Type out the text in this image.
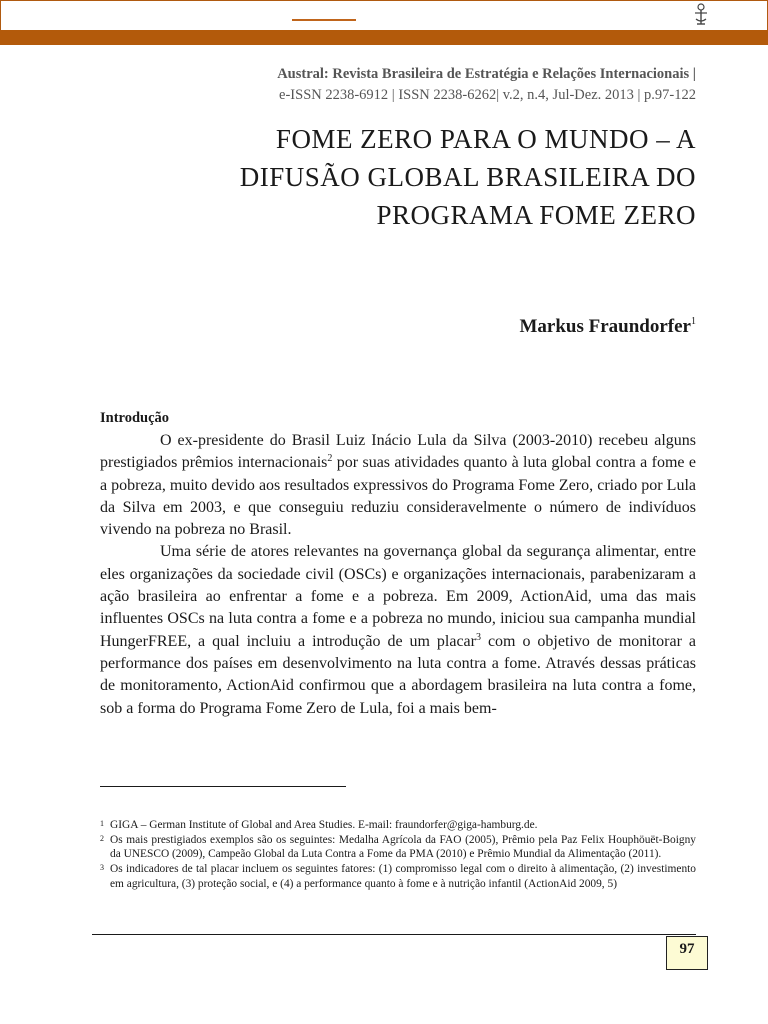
Austral: Revista Brasileira de Estratégia e Relações Internacionais |
e-ISSN 2238-6912 | ISSN 2238-6262| v.2, n.4, Jul-Dez. 2013 | p.97-122
FOME ZERO PARA O MUNDO – A
DIFUSÃO GLOBAL BRASILEIRA DO
PROGRAMA FOME ZERO
Markus Fraundorfer$^1$
Introdução

O ex-presidente do Brasil Luiz Inácio Lula da Silva (2003-2010) recebeu alguns prestigiados prêmios internacionais$^2$ por suas atividades quanto à luta global contra a fome e a pobreza, muito devido aos resultados expressivos do Programa Fome Zero, criado por Lula da Silva em 2003, e que conseguiu reduziu consideravelmente o número de indivíduos vivendo na pobreza no Brasil.

Uma série de atores relevantes na governança global da segurança alimentar, entre eles organizações da sociedade civil (OSCs) e organizações internacionais, parabenizaram a ação brasileira ao enfrentar a fome e a pobreza. Em 2009, ActionAid, uma das mais influentes OSCs na luta contra a fome e a pobreza no mundo, iniciou sua campanha mundial HungerFREE, a qual incluiu a introdução de um placar$^3$ com o objetivo de monitorar a performance dos países em desenvolvimento na luta contra a fome. Através dessas práticas de monitoramento, ActionAid confirmou que a abordagem brasileira na luta contra a fome, sob a forma do Programa Fome Zero de Lula, foi a mais bem-

1 GIGA – German Institute of Global and Area Studies. E-mail: fraundorfer@giga-hamburg.de.
2 Os mais prestigiados exemplos são os seguintes: Medalha Agrícola da FAO (2005), Prêmio pela Paz Felix Houphöuët-Boigny da UNESCO (2009), Campeão Global da Luta Contra a Fome da PMA (2010) e Prêmio Mundial da Alimentação (2011).
3 Os indicadores de tal placar incluem os seguintes fatores: (1) compromisso legal com o direito à alimentação, (2) investimento em agricultura, (3) proteção social, e (4) a performance quanto à fome e à nutrição infantil (ActionAid 2009, 5)
97
